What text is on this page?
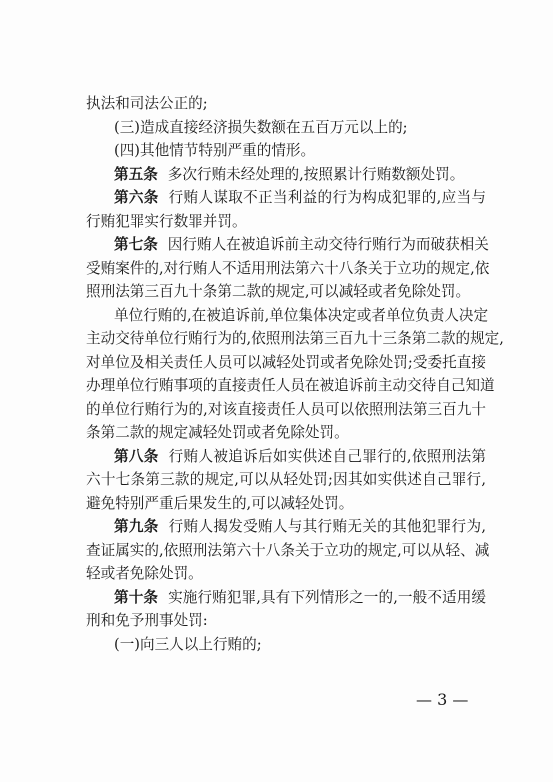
执法和司法公正的;
(三)造成直接经济损失数额在五百万元以上的;
(四)其他情节特别严重的情形。
第五条 多次行贿未经处理的,按照累计行贿数额处罚。
第六条 行贿人谋取不正当利益的行为构成犯罪的,应当与
行贿犯罪实行数罪并罚。
第七条 因行贿人在被追诉前主动交待行贿行为而破获相关
受贿案件的,对行贿人不适用刑法第六十八条关于立功的规定,依
照刑法第三百九十条第二款的规定,可以减轻或者免除处罚。
单位行贿的,在被追诉前,单位集体决定或者单位负责人决定
主动交待单位行贿行为的,依照刑法第三百九十三条第二款的规定,
对单位及相关责任人员可以减轻处罚或者免除处罚;受委托直接
办理单位行贿事项的直接责任人员在被追诉前主动交待自己知道
的单位行贿行为的,对该直接责任人员可以依照刑法第三百九十
条第二款的规定减轻处罚或者免除处罚。
第八条 行贿人被追诉后如实供述自己罪行的,依照刑法第
六十七条第三款的规定,可以从轻处罚;因其如实供述自己罪行,
避免特别严重后果发生的,可以减轻处罚。
第九条 行贿人揭发受贿人与其行贿无关的其他犯罪行为,
查证属实的,依照刑法第六十八条关于立功的规定,可以从轻、减
轻或者免除处罚。
第十条 实施行贿犯罪,具有下列情形之一的,一般不适用缓
刑和免予刑事处罚:
(一)向三人以上行贿的;
— 3 —
